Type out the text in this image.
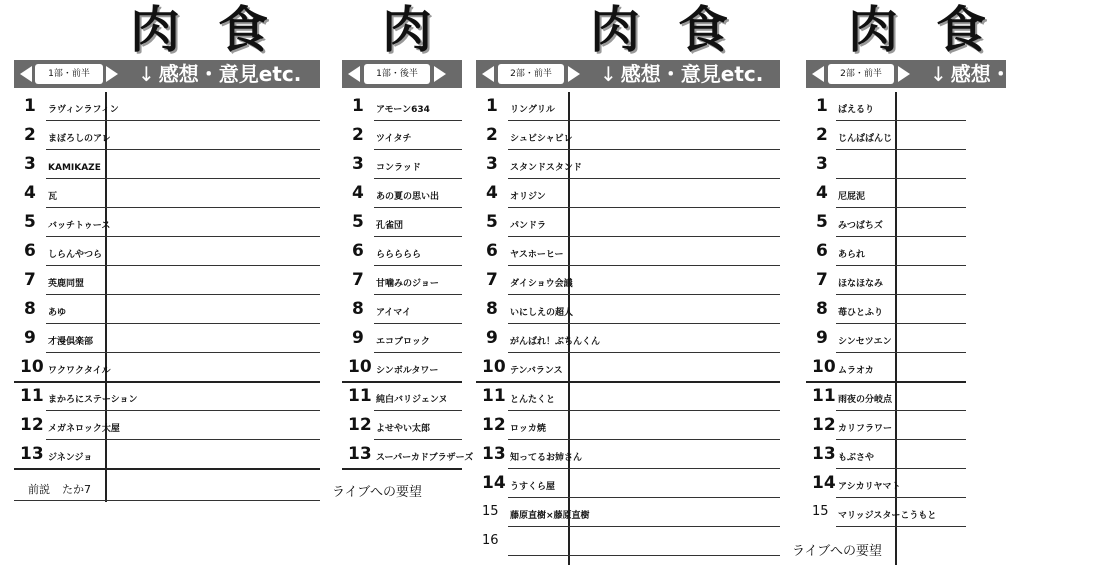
肉食
1部・前半	↓ 感想・意見etc.
1 ラヴィンラフィン
2 まぼろしのアレ
3 KAMIKAZE
4 瓦
5 バッチトゥース
6 しらんやつら
7 英鹿同盟
8 あゆ
9 才漫倶楽部
10 ワクワクタイル
11 まかろにステーション
12 メガネロック大屋
13 ジネンジョ
前説 たか7
肉
1部・後半
1 アモーン634
2 ツイタチ
3 コンラッド
4 あの夏の思い出
5 孔雀団
6 ららららら
7 甘噛みのジョー
8 アイマイ
9 エコブロック
10 シンボルタワー
11 純白バリジェンヌ
12 よせやい太郎
13 スーパーカドブラザーズ
ライブへの要望
肉食
2部・前半	↓ 感想・意見etc.
1 リングリル
2 シュビシャビレ
3 スタンドスタンド
4 オリジン
5 パンドラ
6 ヤスホーヒー
7 ダイショウ会議
8 いにしえの超人
9 がんばれ！ぶちんくん
10 テンバランス
11 とんたくと
12 ロッカ焼
13 知ってるお姉さん
14 うすくら屋
15 藤原直樹×藤原直樹
16
肉食
2部・前半	↓ 感想・意見etc.
1 ぱえるり
2 じんぱぱんじ
3
4 尼屁泥
5 みつばちズ
6 あられ
7 ほなほなみ
8 苺ひとふり
9 シンセツエン
10 ムラオカ
11 雨夜の分岐点
12 カリフラワー
13 もぶさや
14 アシカリヤマト
15 マリッジスターこうもと
ライブへの要望
